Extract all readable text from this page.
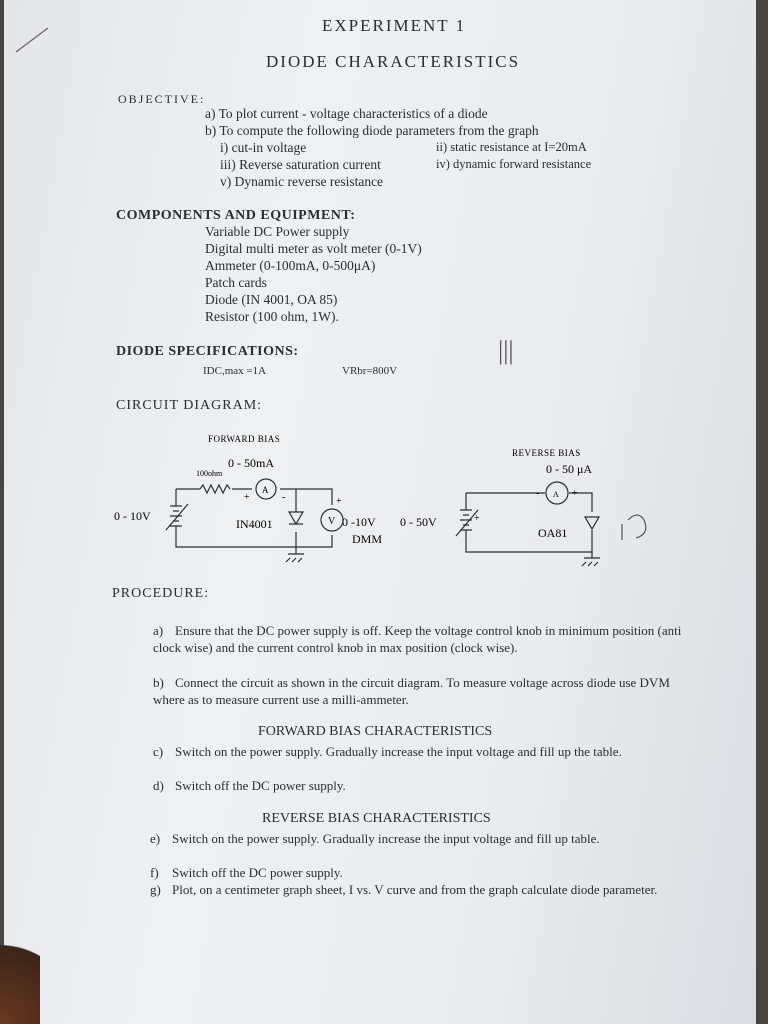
EXPERIMENT 1
DIODE CHARACTERISTICS
OBJECTIVE:
a) To plot current - voltage characteristics of a diode
b) To compute the following diode parameters from the graph
i) cut-in voltage	ii) static resistance at I=20mA
iii) Reverse saturation current	iv) dynamic forward resistance
v) Dynamic reverse resistance
COMPONENTS AND EQUIPMENT:
Variable DC Power supply
Digital multi meter as volt meter (0-1V)
Ammeter (0-100mA, 0-500μA)
Patch cards
Diode (IN 4001, OA 85)
Resistor (100 ohm, 1W).
DIODE SPECIFICATIONS:
IDC,max =1A	VRbr=800V
|||
CIRCUIT DIAGRAM:
FORWARD BIAS
0 - 50mA
100ohm
0 - 10V
IN4001	0 -10V
DMM
A
V
+	-	+
REVERSE BIAS
0 - 50 μA
0 - 50V
OA81
A
-	+
+
PROCEDURE:
a) Ensure that the DC power supply is off. Keep the voltage control knob in minimum position (anti clock wise) and the current control knob in max position (clock wise).
b) Connect the circuit as shown in the circuit diagram. To measure voltage across diode use DVM where as to measure current use a milli-ammeter.
FORWARD BIAS CHARACTERISTICS
c) Switch on the power supply. Gradually increase the input voltage and fill up the table.
d) Switch off the DC power supply.
REVERSE BIAS CHARACTERISTICS
e) Switch on the power supply. Gradually increase the input voltage and fill up table.
f) Switch off the DC power supply.
g) Plot, on a centimeter graph sheet, I vs. V curve and from the graph calculate diode parameter.
